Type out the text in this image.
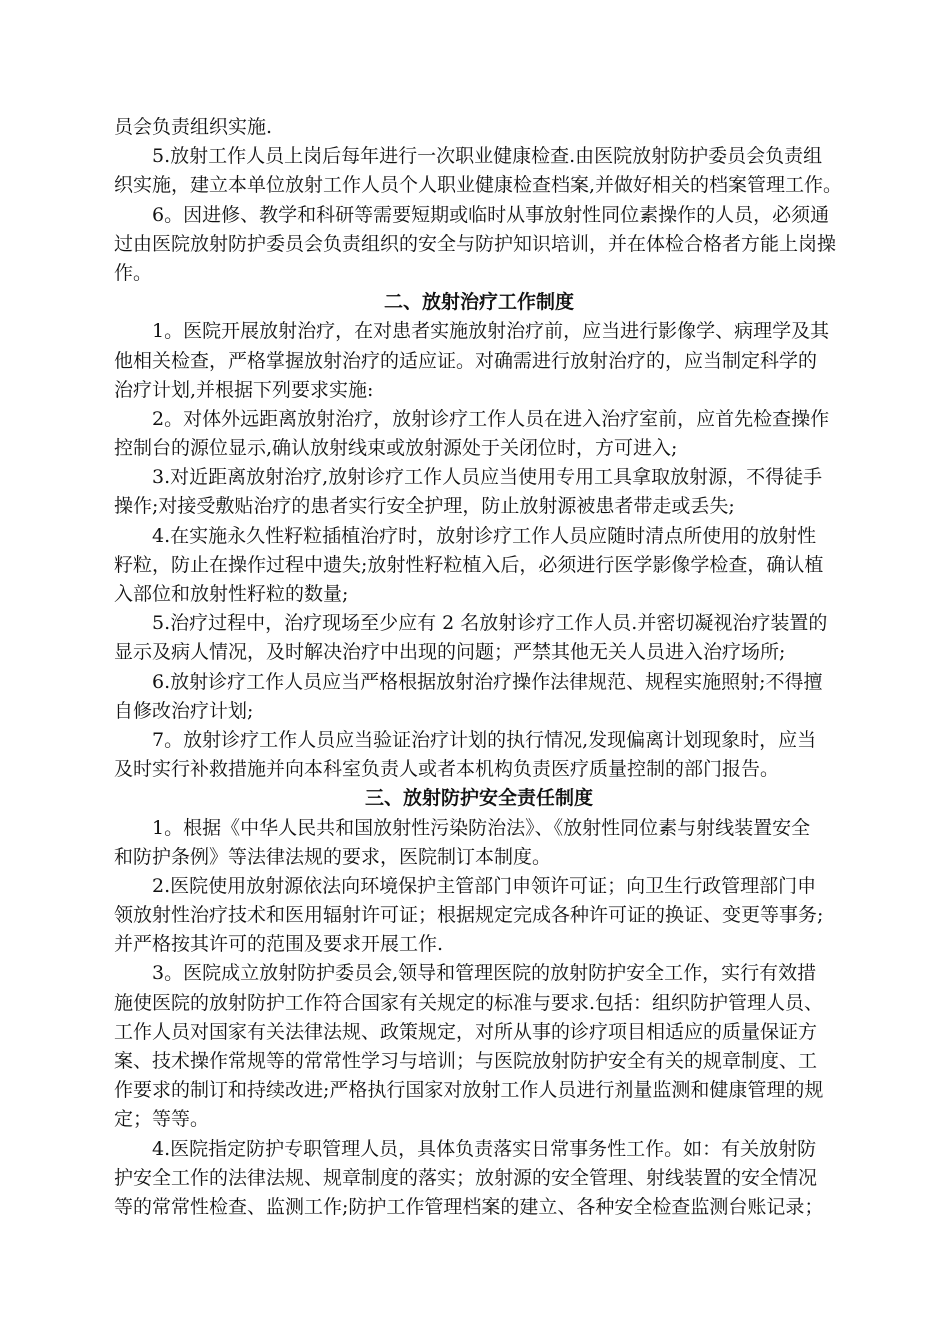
员会负责组织实施.
5.放射工作人员上岗后每年进行一次职业健康检查.由医院放射防护委员会负责组
织实施，建立本单位放射工作人员个人职业健康检查档案,并做好相关的档案管理工作。
6。因进修、教学和科研等需要短期或临时从事放射性同位素操作的人员，必须通
过由医院放射防护委员会负责组织的安全与防护知识培训，并在体检合格者方能上岗操
作。
二、放射治疗工作制度
1。医院开展放射治疗，在对患者实施放射治疗前，应当进行影像学、病理学及其
他相关检查，严格掌握放射治疗的适应证。对确需进行放射治疗的，应当制定科学的
治疗计划,并根据下列要求实施:
2。对体外远距离放射治疗，放射诊疗工作人员在进入治疗室前，应首先检查操作
控制台的源位显示,确认放射线束或放射源处于关闭位时，方可进入;
3.对近距离放射治疗,放射诊疗工作人员应当使用专用工具拿取放射源，不得徒手
操作;对接受敷贴治疗的患者实行安全护理，防止放射源被患者带走或丢失;
4.在实施永久性籽粒插植治疗时，放射诊疗工作人员应随时清点所使用的放射性
籽粒，防止在操作过程中遗失;放射性籽粒植入后，必须进行医学影像学检查，确认植
入部位和放射性籽粒的数量;
5.治疗过程中，治疗现场至少应有 2 名放射诊疗工作人员.并密切凝视治疗装置的
显示及病人情况，及时解决治疗中出现的问题；严禁其他无关人员进入治疗场所;
6.放射诊疗工作人员应当严格根据放射治疗操作法律规范、规程实施照射;不得擅
自修改治疗计划;
7。放射诊疗工作人员应当验证治疗计划的执行情况,发现偏离计划现象时，应当
及时实行补救措施并向本科室负责人或者本机构负责医疗质量控制的部门报告。
三、放射防护安全责任制度
1。根据《中华人民共和国放射性污染防治法》、《放射性同位素与射线装置安全
和防护条例》等法律法规的要求，医院制订本制度。
2.医院使用放射源依法向环境保护主管部门申领许可证；向卫生行政管理部门申
领放射性治疗技术和医用辐射许可证；根据规定完成各种许可证的换证、变更等事务;
并严格按其许可的范围及要求开展工作.
3。医院成立放射防护委员会,领导和管理医院的放射防护安全工作，实行有效措
施使医院的放射防护工作符合国家有关规定的标准与要求.包括：组织防护管理人员、
工作人员对国家有关法律法规、政策规定，对所从事的诊疗项目相适应的质量保证方
案、技术操作常规等的常常性学习与培训；与医院放射防护安全有关的规章制度、工
作要求的制订和持续改进;严格执行国家对放射工作人员进行剂量监测和健康管理的规
定；等等。
4.医院指定防护专职管理人员，具体负责落实日常事务性工作。如：有关放射防
护安全工作的法律法规、规章制度的落实；放射源的安全管理、射线装置的安全情况
等的常常性检查、监测工作;防护工作管理档案的建立、各种安全检查监测台账记录；
